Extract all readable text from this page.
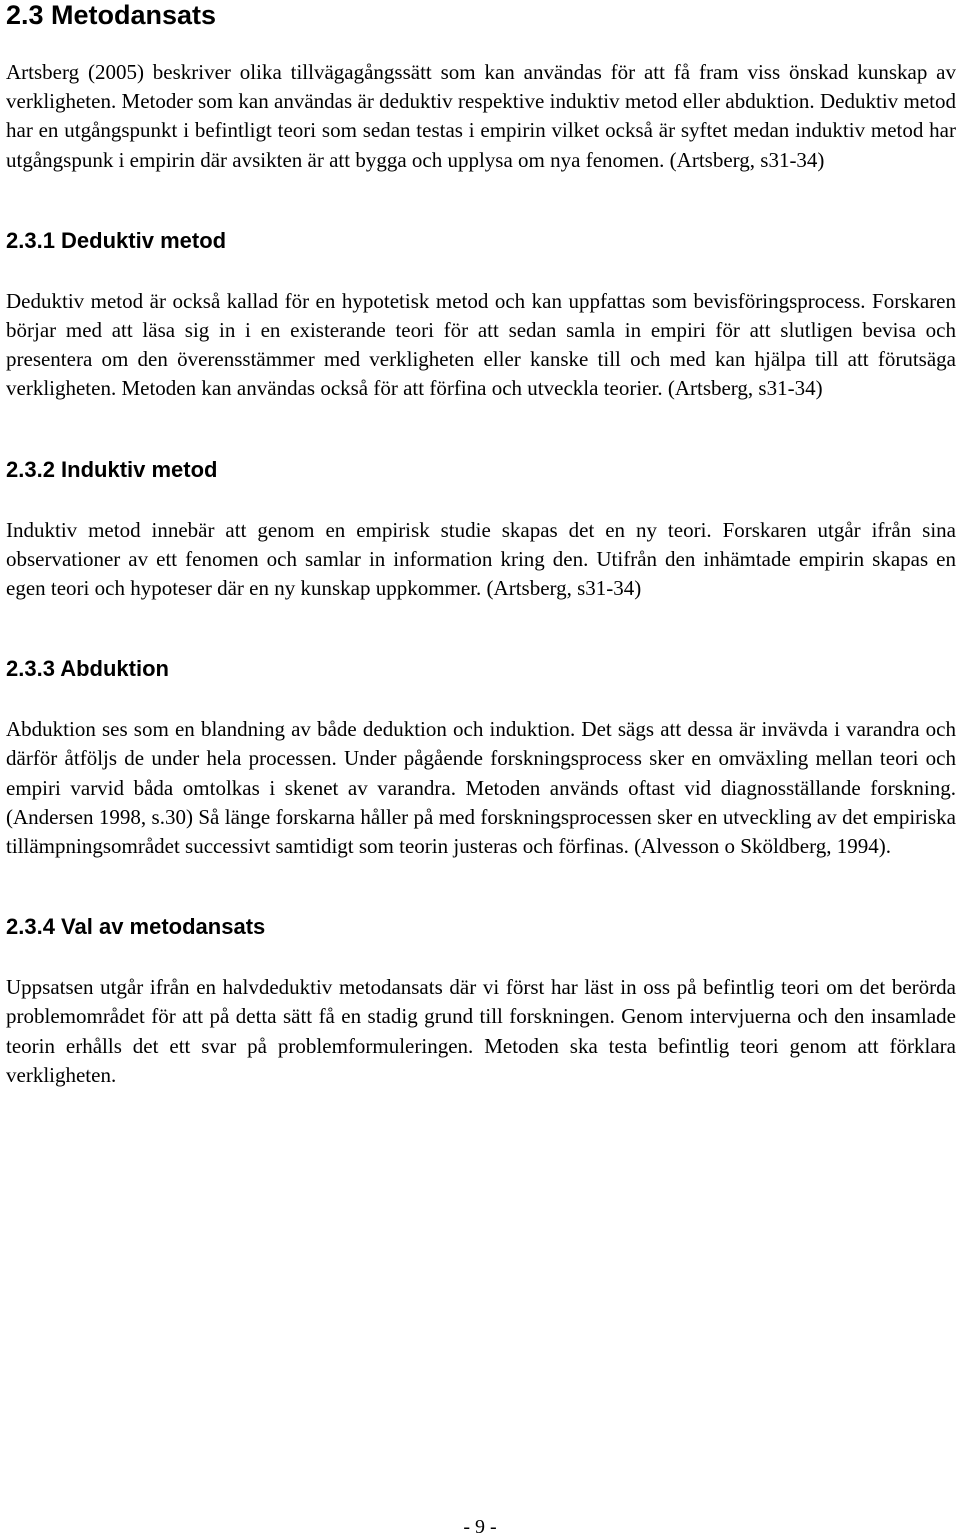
2.3 Metodansats

Artsberg (2005) beskriver olika tillvägagångssätt som kan användas för att få fram viss önskad kunskap av verkligheten. Metoder som kan användas är deduktiv respektive induktiv metod eller abduktion. Deduktiv metod har en utgångspunkt i befintligt teori som sedan testas i empirin vilket också är syftet medan induktiv metod har utgångspunk i empirin där avsikten är att bygga och upplysa om nya fenomen. (Artsberg, s31-34)

2.3.1 Deduktiv metod

Deduktiv metod är också kallad för en hypotetisk metod och kan uppfattas som bevisföringsprocess. Forskaren börjar med att läsa sig in i en existerande teori för att sedan samla in empiri för att slutligen bevisa och presentera om den överensstämmer med verkligheten eller kanske till och med kan hjälpa till att förutsäga verkligheten. Metoden kan användas också för att förfina och utveckla teorier. (Artsberg, s31-34)

2.3.2 Induktiv metod

Induktiv metod innebär att genom en empirisk studie skapas det en ny teori. Forskaren utgår ifrån sina observationer av ett fenomen och samlar in information kring den. Utifrån den inhämtade empirin skapas en egen teori och hypoteser där en ny kunskap uppkommer. (Artsberg, s31-34)

2.3.3 Abduktion

Abduktion ses som en blandning av både deduktion och induktion. Det sägs att dessa är invävda i varandra och därför åtföljs de under hela processen. Under pågående forskningsprocess sker en omväxling mellan teori och empiri varvid båda omtolkas i skenet av varandra. Metoden används oftast vid diagnosställande forskning. (Andersen 1998, s.30) Så länge forskarna håller på med forskningsprocessen sker en utveckling av det empiriska tillämpningsområdet successivt samtidigt som teorin justeras och förfinas. (Alvesson o Sköldberg, 1994).

2.3.4 Val av metodansats

Uppsatsen utgår ifrån en halvdeduktiv metodansats där vi först har läst in oss på befintlig teori om det berörda problemområdet för att på detta sätt få en stadig grund till forskningen. Genom intervjuerna och den insamlade teorin erhålls det ett svar på problemformuleringen. Metoden ska testa befintlig teori genom att förklara verkligheten.

- 9 -
